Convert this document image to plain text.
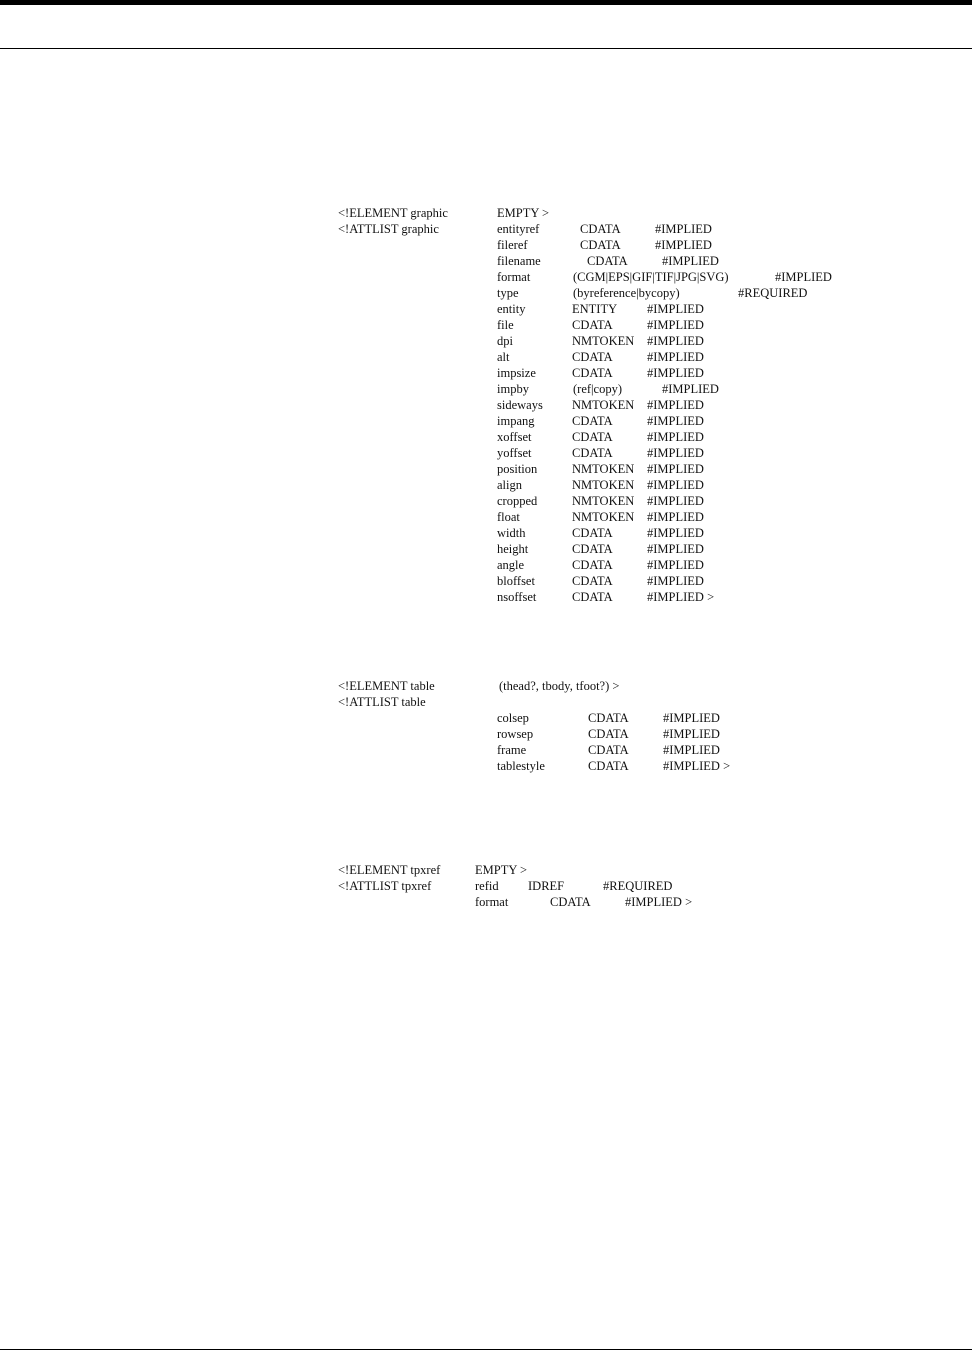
<!ELEMENT graphic	EMPTY >
<!ATTLIST graphic	entityref	CDATA	#IMPLIED
fileref	CDATA	#IMPLIED
filename	CDATA	#IMPLIED
format	(CGM|EPS|GIF|TIF|JPG|SVG)	#IMPLIED
type	(byreference|bycopy)	#REQUIRED
entity	ENTITY #IMPLIED
file	CDATA	#IMPLIED
dpi	NMTOKEN #IMPLIED
alt	CDATA	#IMPLIED
impsize	CDATA	#IMPLIED
impby	(ref|copy)	#IMPLIED
sideways NMTOKEN #IMPLIED
impang	CDATA	#IMPLIED
xoffset	CDATA	#IMPLIED
yoffset	CDATA	#IMPLIED
position	NMTOKEN #IMPLIED
align	NMTOKEN #IMPLIED
cropped	NMTOKEN #IMPLIED
float	NMTOKEN #IMPLIED
width	CDATA	#IMPLIED
height	CDATA	#IMPLIED
angle	CDATA	#IMPLIED
bloffset	CDATA	#IMPLIED
nsoffset	CDATA	#IMPLIED >
<!ELEMENT table	(thead?, tbody, tfoot?) >
<!ATTLIST table
colsep	CDATA	#IMPLIED
rowsep	CDATA	#IMPLIED
frame	CDATA	#IMPLIED
tablestyle	CDATA	#IMPLIED >
<!ELEMENT tpxref	EMPTY >
<!ATTLIST tpxref	refid IDREF	#REQUIRED
format	CDATA	#IMPLIED >
